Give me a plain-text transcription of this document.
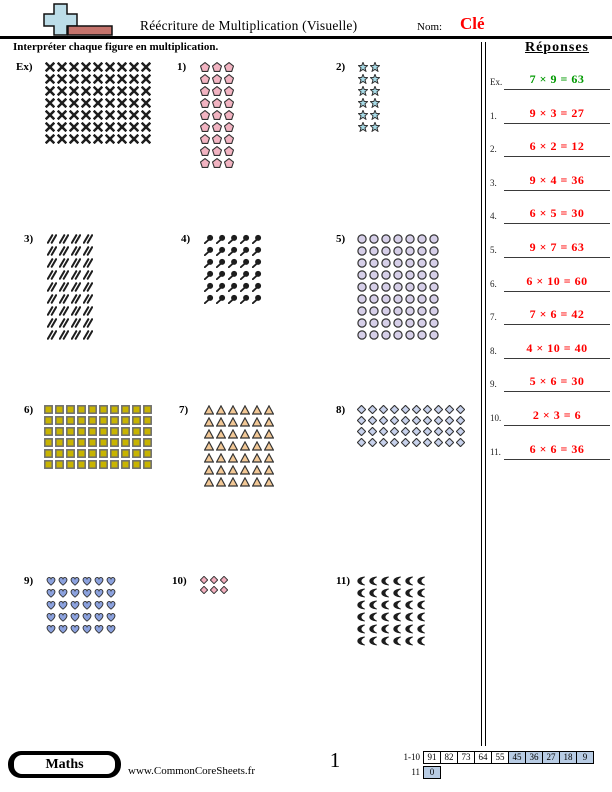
Réécriture de Multiplication (Visuelle)	Nom: Clé
Interpréter chaque figure en multiplication.
Ex)	1)	2)
3)	4)	5)
6)	7)	8)
9)	10)	11)
Réponses
Ex.	7 × 9 = 63
1.	9 × 3 = 27
2.	6 × 2 = 12
3.	9 × 4 = 36
4.	6 × 5 = 30
5.	9 × 7 = 63
6.	6 × 10 = 60
7.	7 × 6 = 42
8.	4 × 10 = 40
9.	5 × 6 = 30
10.	2 × 3 = 6
11.	6 × 6 = 36
Maths	www.CommonCoreSheets.fr	1	1-10 91 82 73 64 55 45 36 27 18	9
11	0
